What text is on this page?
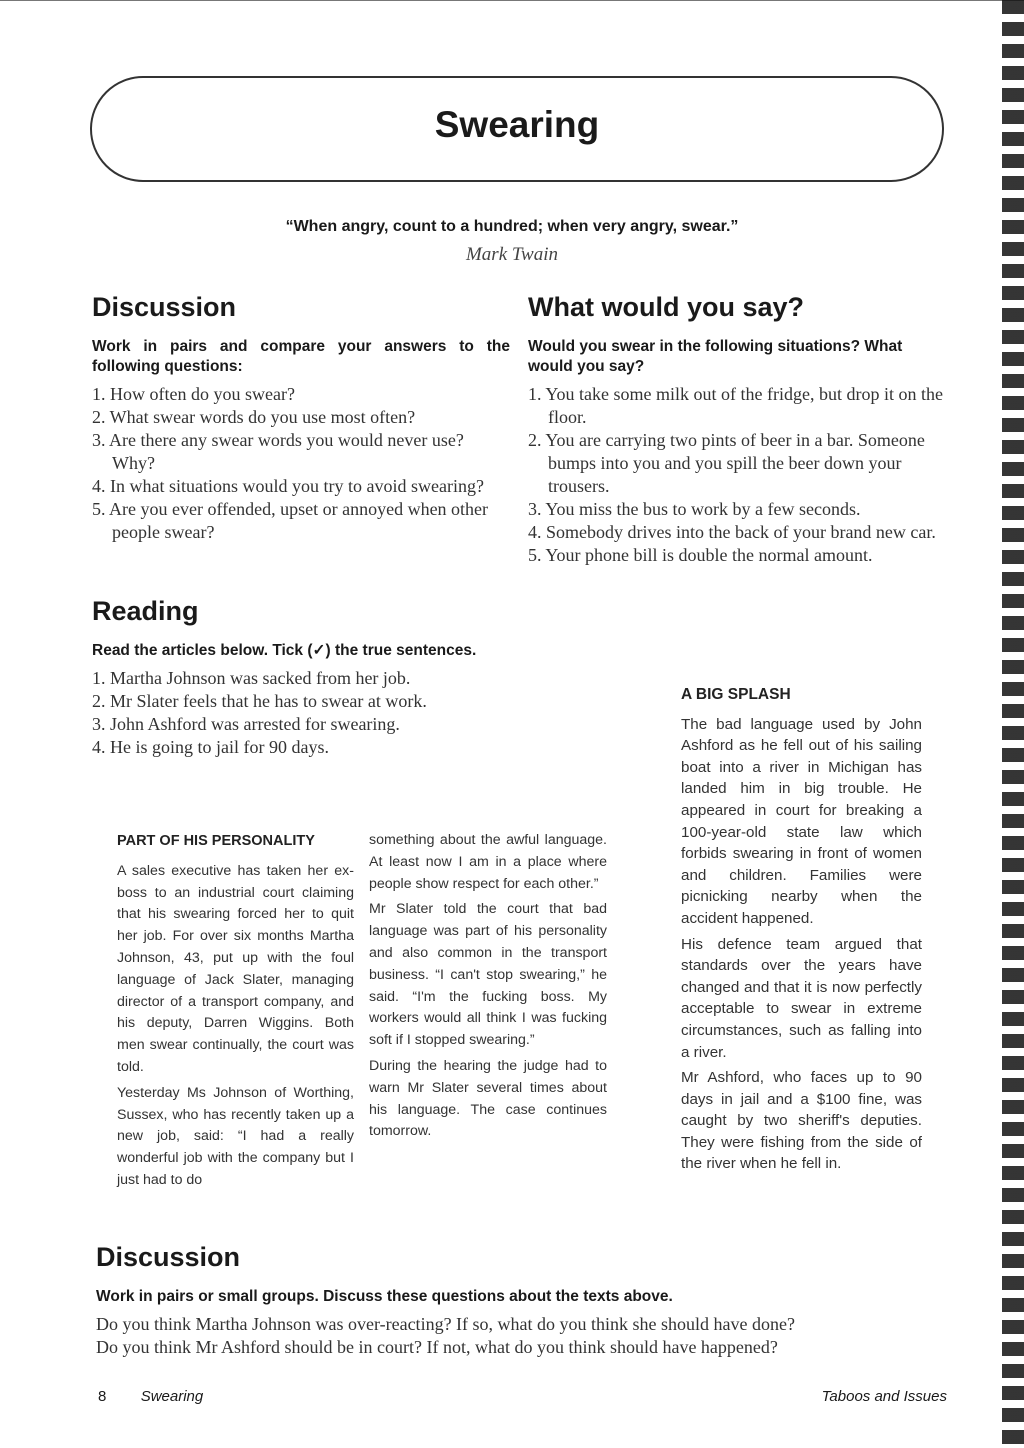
Swearing
“When angry, count to a hundred; when very angry, swear.”
Mark Twain
Discussion

Work in pairs and compare your answers to the following questions:

1. How often do you swear?
2. What swear words do you use most often?
3. Are there any swear words you would never use? Why?
4. In what situations would you try to avoid swearing?
5. Are you ever offended, upset or annoyed when other people swear?
What would you say?

Would you swear in the following situations? What would you say?

1. You take some milk out of the fridge, but drop it on the floor.
2. You are carrying two pints of beer in a bar. Someone bumps into you and you spill the beer down your trousers.
3. You miss the bus to work by a few seconds.
4. Somebody drives into the back of your brand new car.
5. Your phone bill is double the normal amount.
Reading

Read the articles below. Tick (✓) the true sentences.

1. Martha Johnson was sacked from her job.
2. Mr Slater feels that he has to swear at work.
3. John Ashford was arrested for swearing.
4. He is going to jail for 90 days.
PART OF HIS PERSONALITY

A sales executive has taken her ex-boss to an industrial court claiming that his swearing forced her to quit her job. For over six months Martha Johnson, 43, put up with the foul language of Jack Slater, managing director of a transport company, and his deputy, Darren Wiggins. Both men swear continually, the court was told.

Yesterday Ms Johnson of Worthing, Sussex, who has recently taken up a new job, said: “I had a really wonderful job with the company but I just had to do

something about the awful language. At least now I am in a place where people show respect for each other.”

Mr Slater told the court that bad language was part of his personality and also common in the transport business. “I can't stop swearing,” he said. “I'm the fucking boss. My workers would all think I was fucking soft if I stopped swearing.”

During the hearing the judge had to warn Mr Slater several times about his language. The case continues tomorrow.

A BIG SPLASH

The bad language used by John Ashford as he fell out of his sailing boat into a river in Michigan has landed him in big trouble. He appeared in court for breaking a 100-year-old state law which forbids swearing in front of women and children. Families were picnicking nearby when the accident happened.

His defence team argued that standards over the years have changed and that it is now perfectly acceptable to swear in extreme circumstances, such as falling into a river.

Mr Ashford, who faces up to 90 days in jail and a $100 fine, was caught by two sheriff's deputies. They were fishing from the side of the river when he fell in.

Discussion

Work in pairs or small groups. Discuss these questions about the texts above.

Do you think Martha Johnson was over-reacting? If so, what do you think she should have done?
Do you think Mr Ashford should be in court? If not, what do you think should have happened?
8 Swearing	Taboos and Issues
